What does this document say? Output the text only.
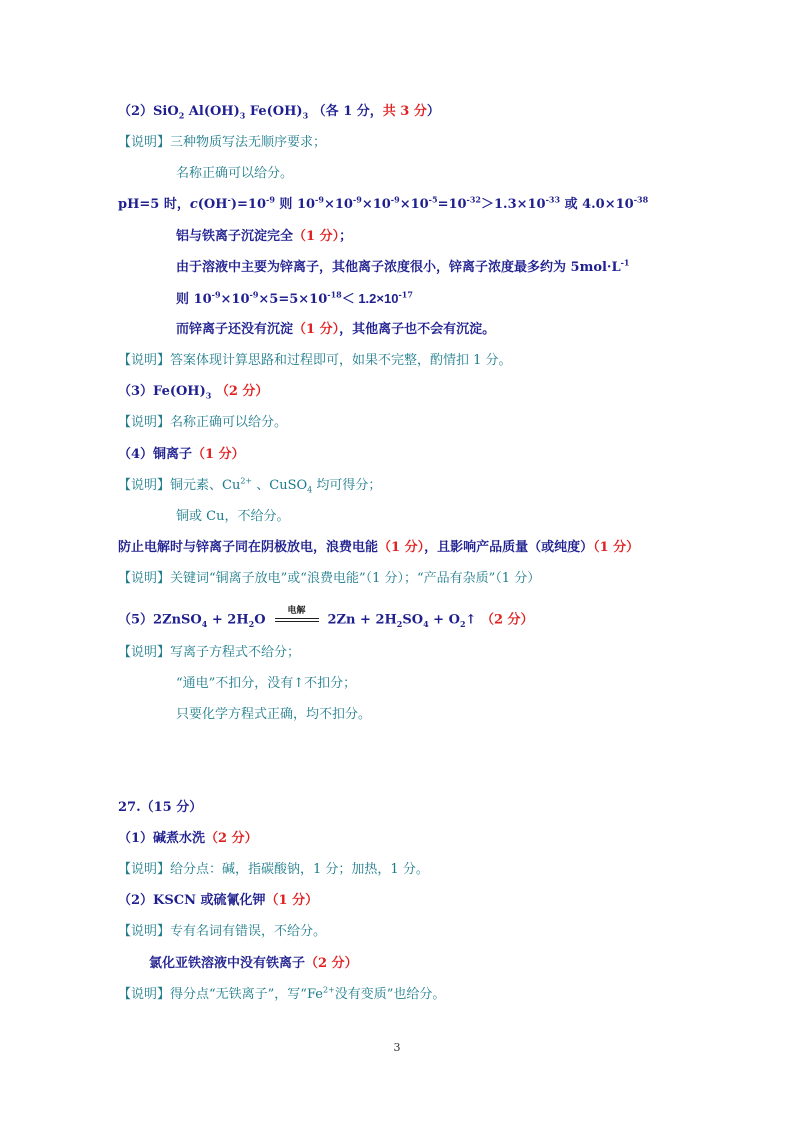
（2）SiO$_2$ $Al(OH)_3$ $Fe(OH)_3$ （各 1 分，共 3 分）
【说明】三种物质写法无顺序要求；
名称正确可以给分。
pH=5 时，$c(OH^-)=10^{-9}$ 则 $10^{-9}\times 10^{-9}\times 10^{-9}\times 10^{-5}=10^{-32}>1.3\times 10^{-33}$ 或 $4.0\times 10^{-38}$
铝与铁离子沉淀完全（1 分）；
由于溶液中主要为锌离子，其他离子浓度很小，锌离子浓度最多约为 $5mol\cdot L^{-1}$
则 $10^{-9}\times 10^{-9}\times 5=5\times 10^{-18}< 1.2\times 10^{-17}$
而锌离子还没有沉淀（1 分），其他离子也不会有沉淀。
【说明】答案体现计算思路和过程即可，如果不完整，酌情扣 1 分。
$(3)Fe(OH)_3$ （2 分）
【说明】名称正确可以给分。
（4）铜离子（1 分）
【说明】铜元素、$Cu^{2+}$ 、CuSO$_4$ 均可得分；
铜或 Cu，不给分。
防止电解时与锌离子同在阴极放电，浪费电能（1 分），且影响产品质量（或纯度）（1 分）
【说明】关键词“铜离子放电”或“浪费电能”（1 分）；“产品有杂质”（1 分）
（5）2ZnSO$_4$ + $2H_2O$
电解
$2Zn + 2H_2SO_4$ + $O_2↑$ （2 分）
【说明】写离子方程式不给分；
“通电”不扣分，没有↑不扣分；
只要化学方程式正确，均不扣分。
27.（15 分）
（1）碱煮水洗（2 分）
【说明】给分点：碱，指碳酸钠，1 分；加热，1 分。
（2）KSCN 或硫氰化钾（1 分）
【说明】专有名词有错误，不给分。
氯化亚铁溶液中没有铁离子（2 分）
【说明】得分点“无铁离子”，写“$Fe^{2+}$没有变质”也给分。
3
